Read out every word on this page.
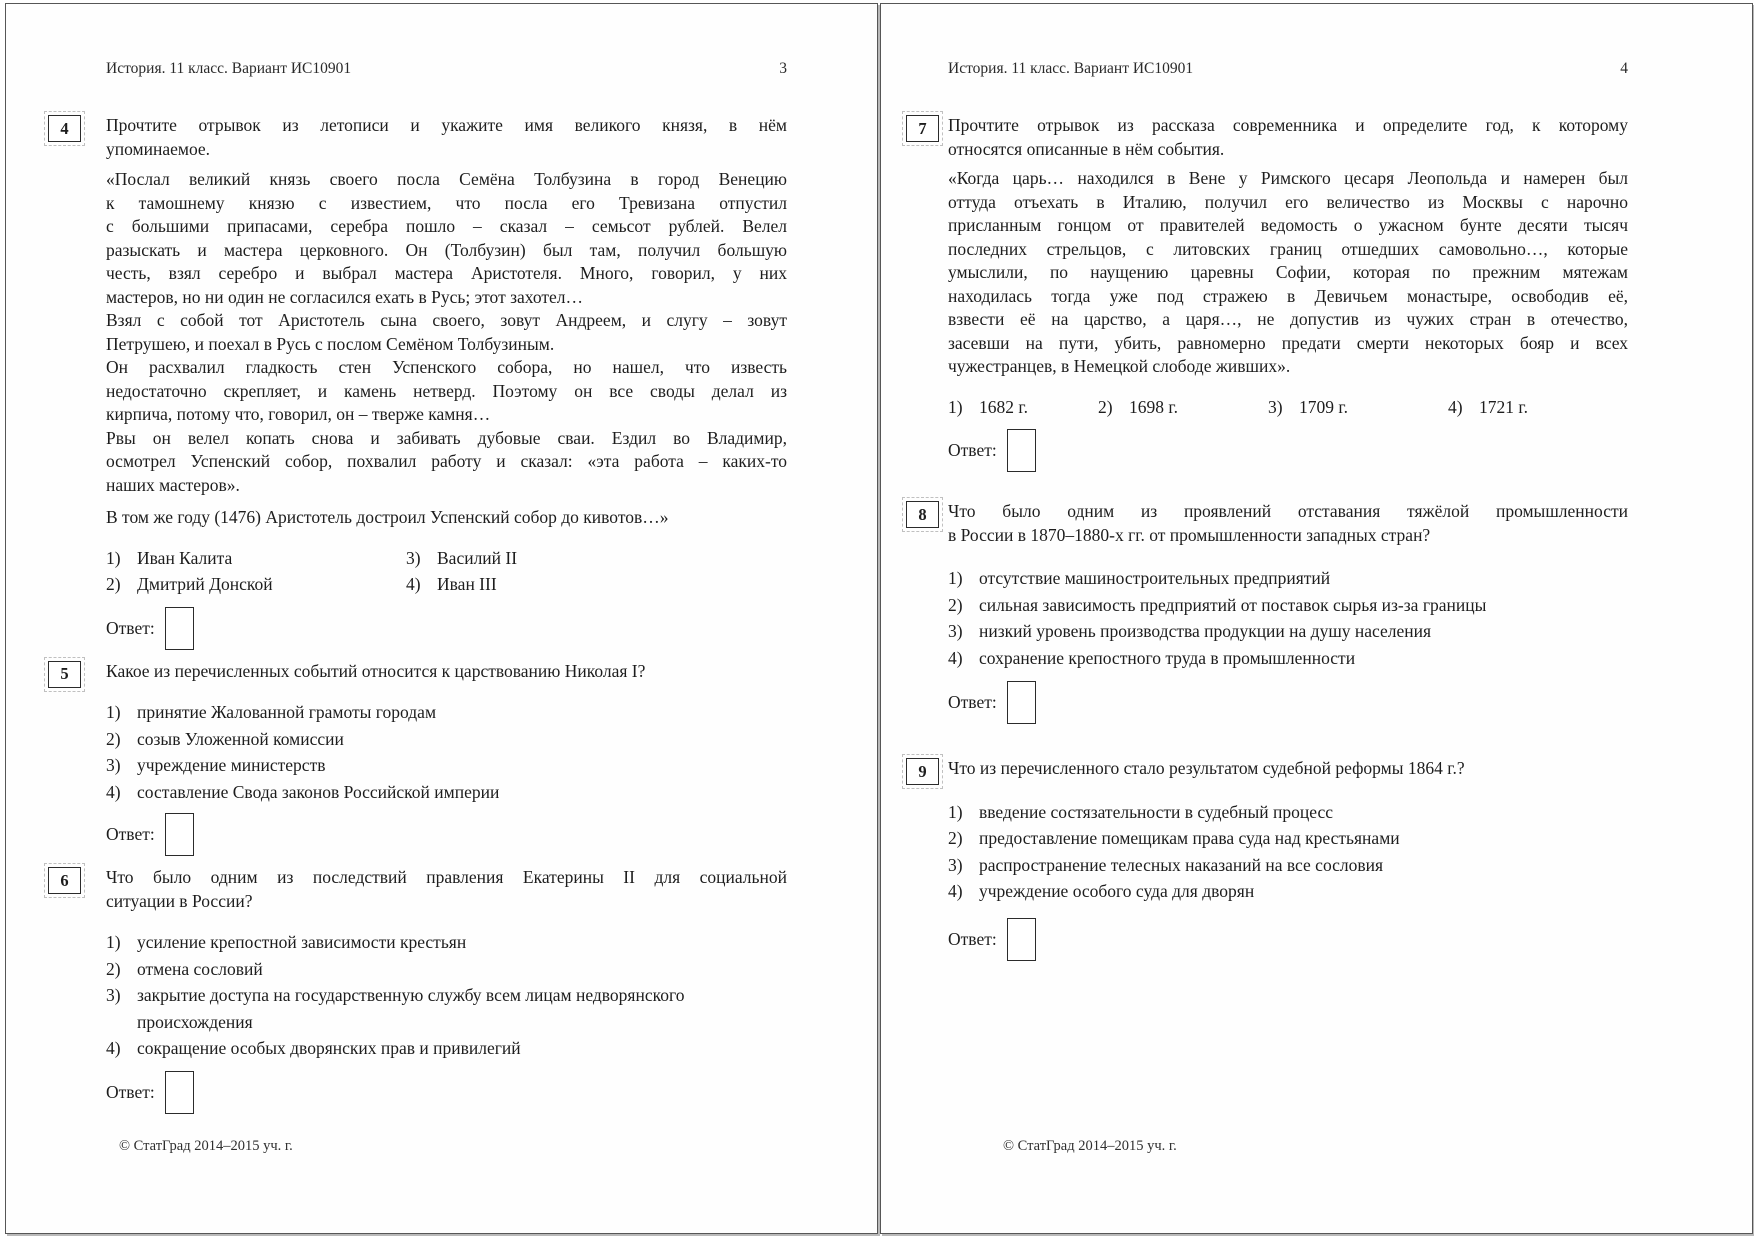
История. 11 класс. Вариант ИС10901	3
4 Прочтите отрывок из летописи и укажите имя великого князя, в нём
упоминаемое.
«Послал великий князь своего посла Семёна Толбузина в город Венецию
к тамошнему князю с известием, что посла его Тревизана отпустил
с большими припасами, серебра пошло – сказал – семьсот рублей. Велел
разыскать и мастера церковного. Он (Толбузин) был там, получил большую
честь, взял серебро и выбрал мастера Аристотеля. Много, говорил, у них
мастеров, но ни один не согласился ехать в Русь; этот захотел…
Взял с собой тот Аристотель сына своего, зовут Андреем, и слугу – зовут
Петрушею, и поехал в Русь с послом Семёном Толбузиным.
Он расхвалил гладкость стен Успенского собора, но нашел, что известь
недостаточно скрепляет, и камень нетверд. Поэтому он все своды делал из
кирпича, потому что, говорил, он – тверже камня…
Рвы он велел копать снова и забивать дубовые сваи. Ездил во Владимир,
осмотрел Успенский собор, похвалил работу и сказал: «эта работа – каких-то
наших мастеров».
В том же году (1476) Аристотель достроил Успенский собор до кивотов…»
1) Иван Калита
2) Дмитрий Донской
3) Василий II
4) Иван III
Ответ:
5 Какое из перечисленных событий относится к царствованию Николая I?
1) принятие Жалованной грамоты городам
2) созыв Уложенной комиссии
3) учреждение министерств
4) составление Свода законов Российской империи
Ответ:
6 Что было одним из последствий правления Екатерины II для социальной
ситуации в России?
1) усиление крепостной зависимости крестьян
2) отмена сословий
3) закрытие доступа на государственную службу всем лицам недворянского
происхождения
4) сокращение особых дворянских прав и привилегий
Ответ:
© СтатГрад 2014–2015 уч. г.
История. 11 класс. Вариант ИС10901	4
7 Прочтите отрывок из рассказа современника и определите год, к которому
относятся описанные в нём события.
«Когда царь… находился в Вене у Римского цесаря Леопольда и намерен был
оттуда отъехать в Италию, получил его величество из Москвы с нарочно
присланным гонцом от правителей ведомость о ужасном бунте десяти тысяч
последних стрельцов, с литовских границ отшедших самовольно…, которые
умыслили, по наущению царевны Софии, которая по прежним мятежам
находилась тогда уже под стражею в Девичьем монастыре, освободив её,
взвести её на царство, а царя…, не допустив из чужих стран в отечество,
засевши на пути, убить, равномерно предати смерти некоторых бояр и всех
чужестранцев, в Немецкой слободе живших».
1) 1682 г.	2) 1698 г.	3) 1709 г.	4) 1721 г.
Ответ:
8 Что было одним из проявлений отставания тяжёлой промышленности
в России в 1870–1880-х гг. от промышленности западных стран?
1) отсутствие машиностроительных предприятий
2) сильная зависимость предприятий от поставок сырья из-за границы
3) низкий уровень производства продукции на душу населения
4) сохранение крепостного труда в промышленности
Ответ:
9 Что из перечисленного стало результатом судебной реформы 1864 г.?
1) введение состязательности в судебный процесс
2) предоставление помещикам права суда над крестьянами
3) распространение телесных наказаний на все сословия
4) учреждение особого суда для дворян
Ответ:
© СтатГрад 2014–2015 уч. г.
